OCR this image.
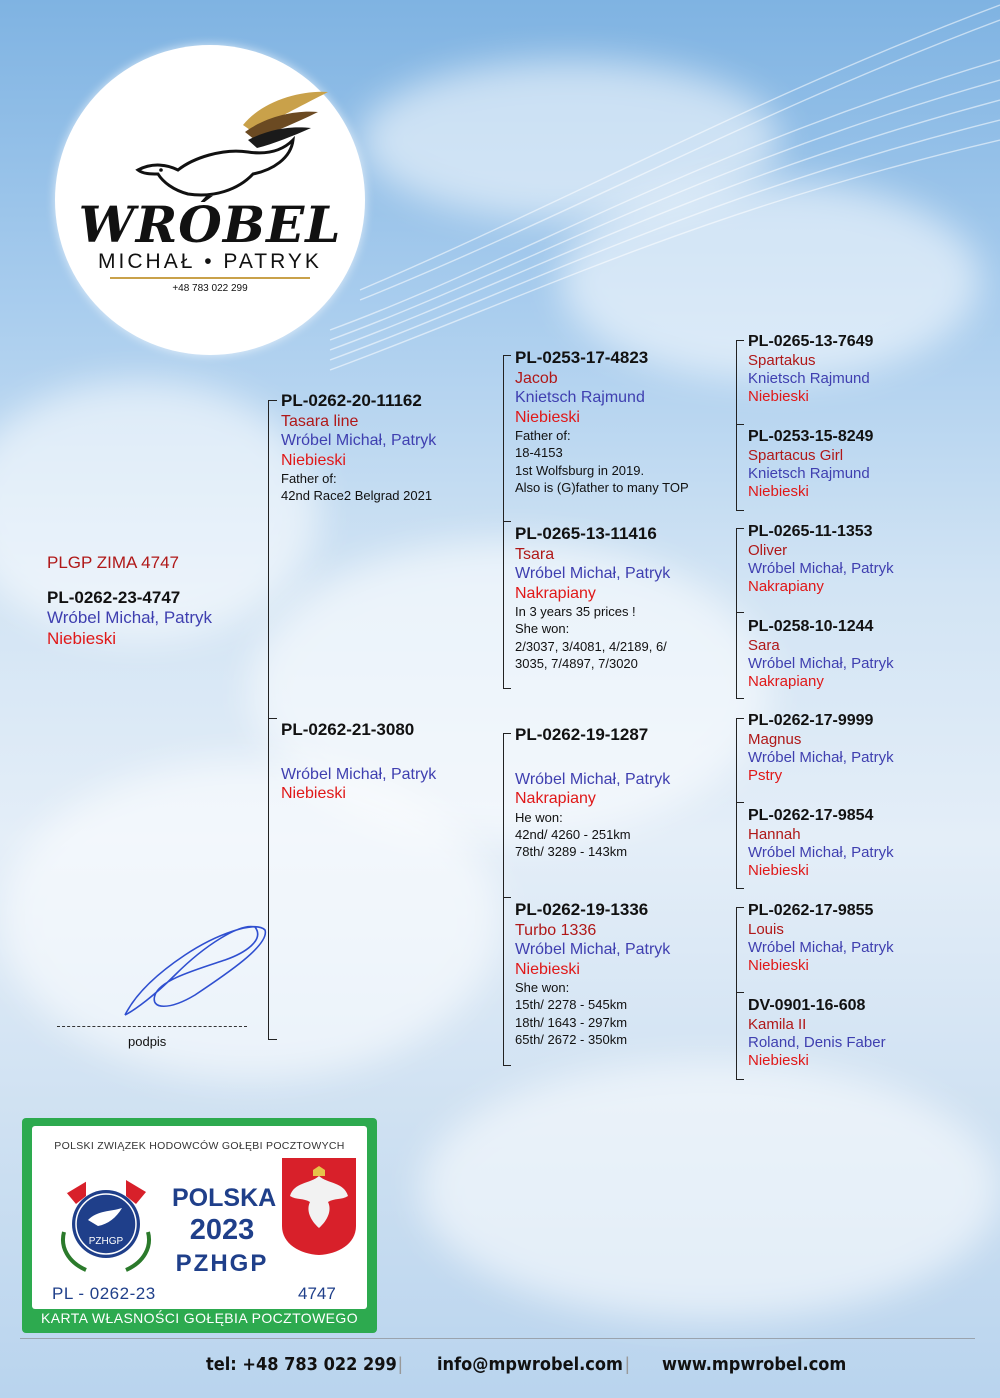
WRÓBEL
MICHAŁ • PATRYK
+48 783 022 299
PLGP ZIMA 4747
PL-0262-23-4747
Wróbel Michał, Patryk
Niebieski
PL-0262-20-11162
Tasara line
Wróbel Michał, Patryk
Niebieski
Father of:
42nd Race2 Belgrad 2021
PL-0262-21-3080
Wróbel Michał, Patryk
Niebieski
PL-0253-17-4823
Jacob
Knietsch Rajmund
Niebieski
Father of:
18-4153
1st Wolfsburg in 2019.
Also is (G)father to many TOP
PL-0265-13-11416
Tsara
Wróbel Michał, Patryk
Nakrapiany
In 3 years 35 prices !
She won:
2/3037, 3/4081, 4/2189, 6/
3035, 7/4897, 7/3020
PL-0262-19-1287
Wróbel Michał, Patryk
Nakrapiany
He won:
42nd/ 4260 - 251km
78th/ 3289 - 143km
PL-0262-19-1336
Turbo 1336
Wróbel Michał, Patryk
Niebieski
She won:
15th/ 2278 - 545km
18th/ 1643 - 297km
65th/ 2672 - 350km
PL-0265-13-7649
Spartakus
Knietsch Rajmund
Niebieski
PL-0253-15-8249
Spartacus Girl
Knietsch Rajmund
Niebieski
PL-0265-11-1353
Oliver
Wróbel Michał, Patryk
Nakrapiany
PL-0258-10-1244
Sara
Wróbel Michał, Patryk
Nakrapiany
PL-0262-17-9999
Magnus
Wróbel Michał, Patryk
Pstry
PL-0262-17-9854
Hannah
Wróbel Michał, Patryk
Niebieski
PL-0262-17-9855
Louis
Wróbel Michał, Patryk
Niebieski
DV-0901-16-608
Kamila II
Roland, Denis Faber
Niebieski
podpis
POLSKI ZWIĄZEK HODOWCÓW GOŁĘBI POCZTOWYCH
PZHGP
POLSKA
2023
PZHGP
PL - 0262-23	4747
KARTA WŁASNOŚCI GOŁĘBIA POCZTOWEGO
tel: +48 783 022 299 | info@mpwrobel.com | www.mpwrobel.com
